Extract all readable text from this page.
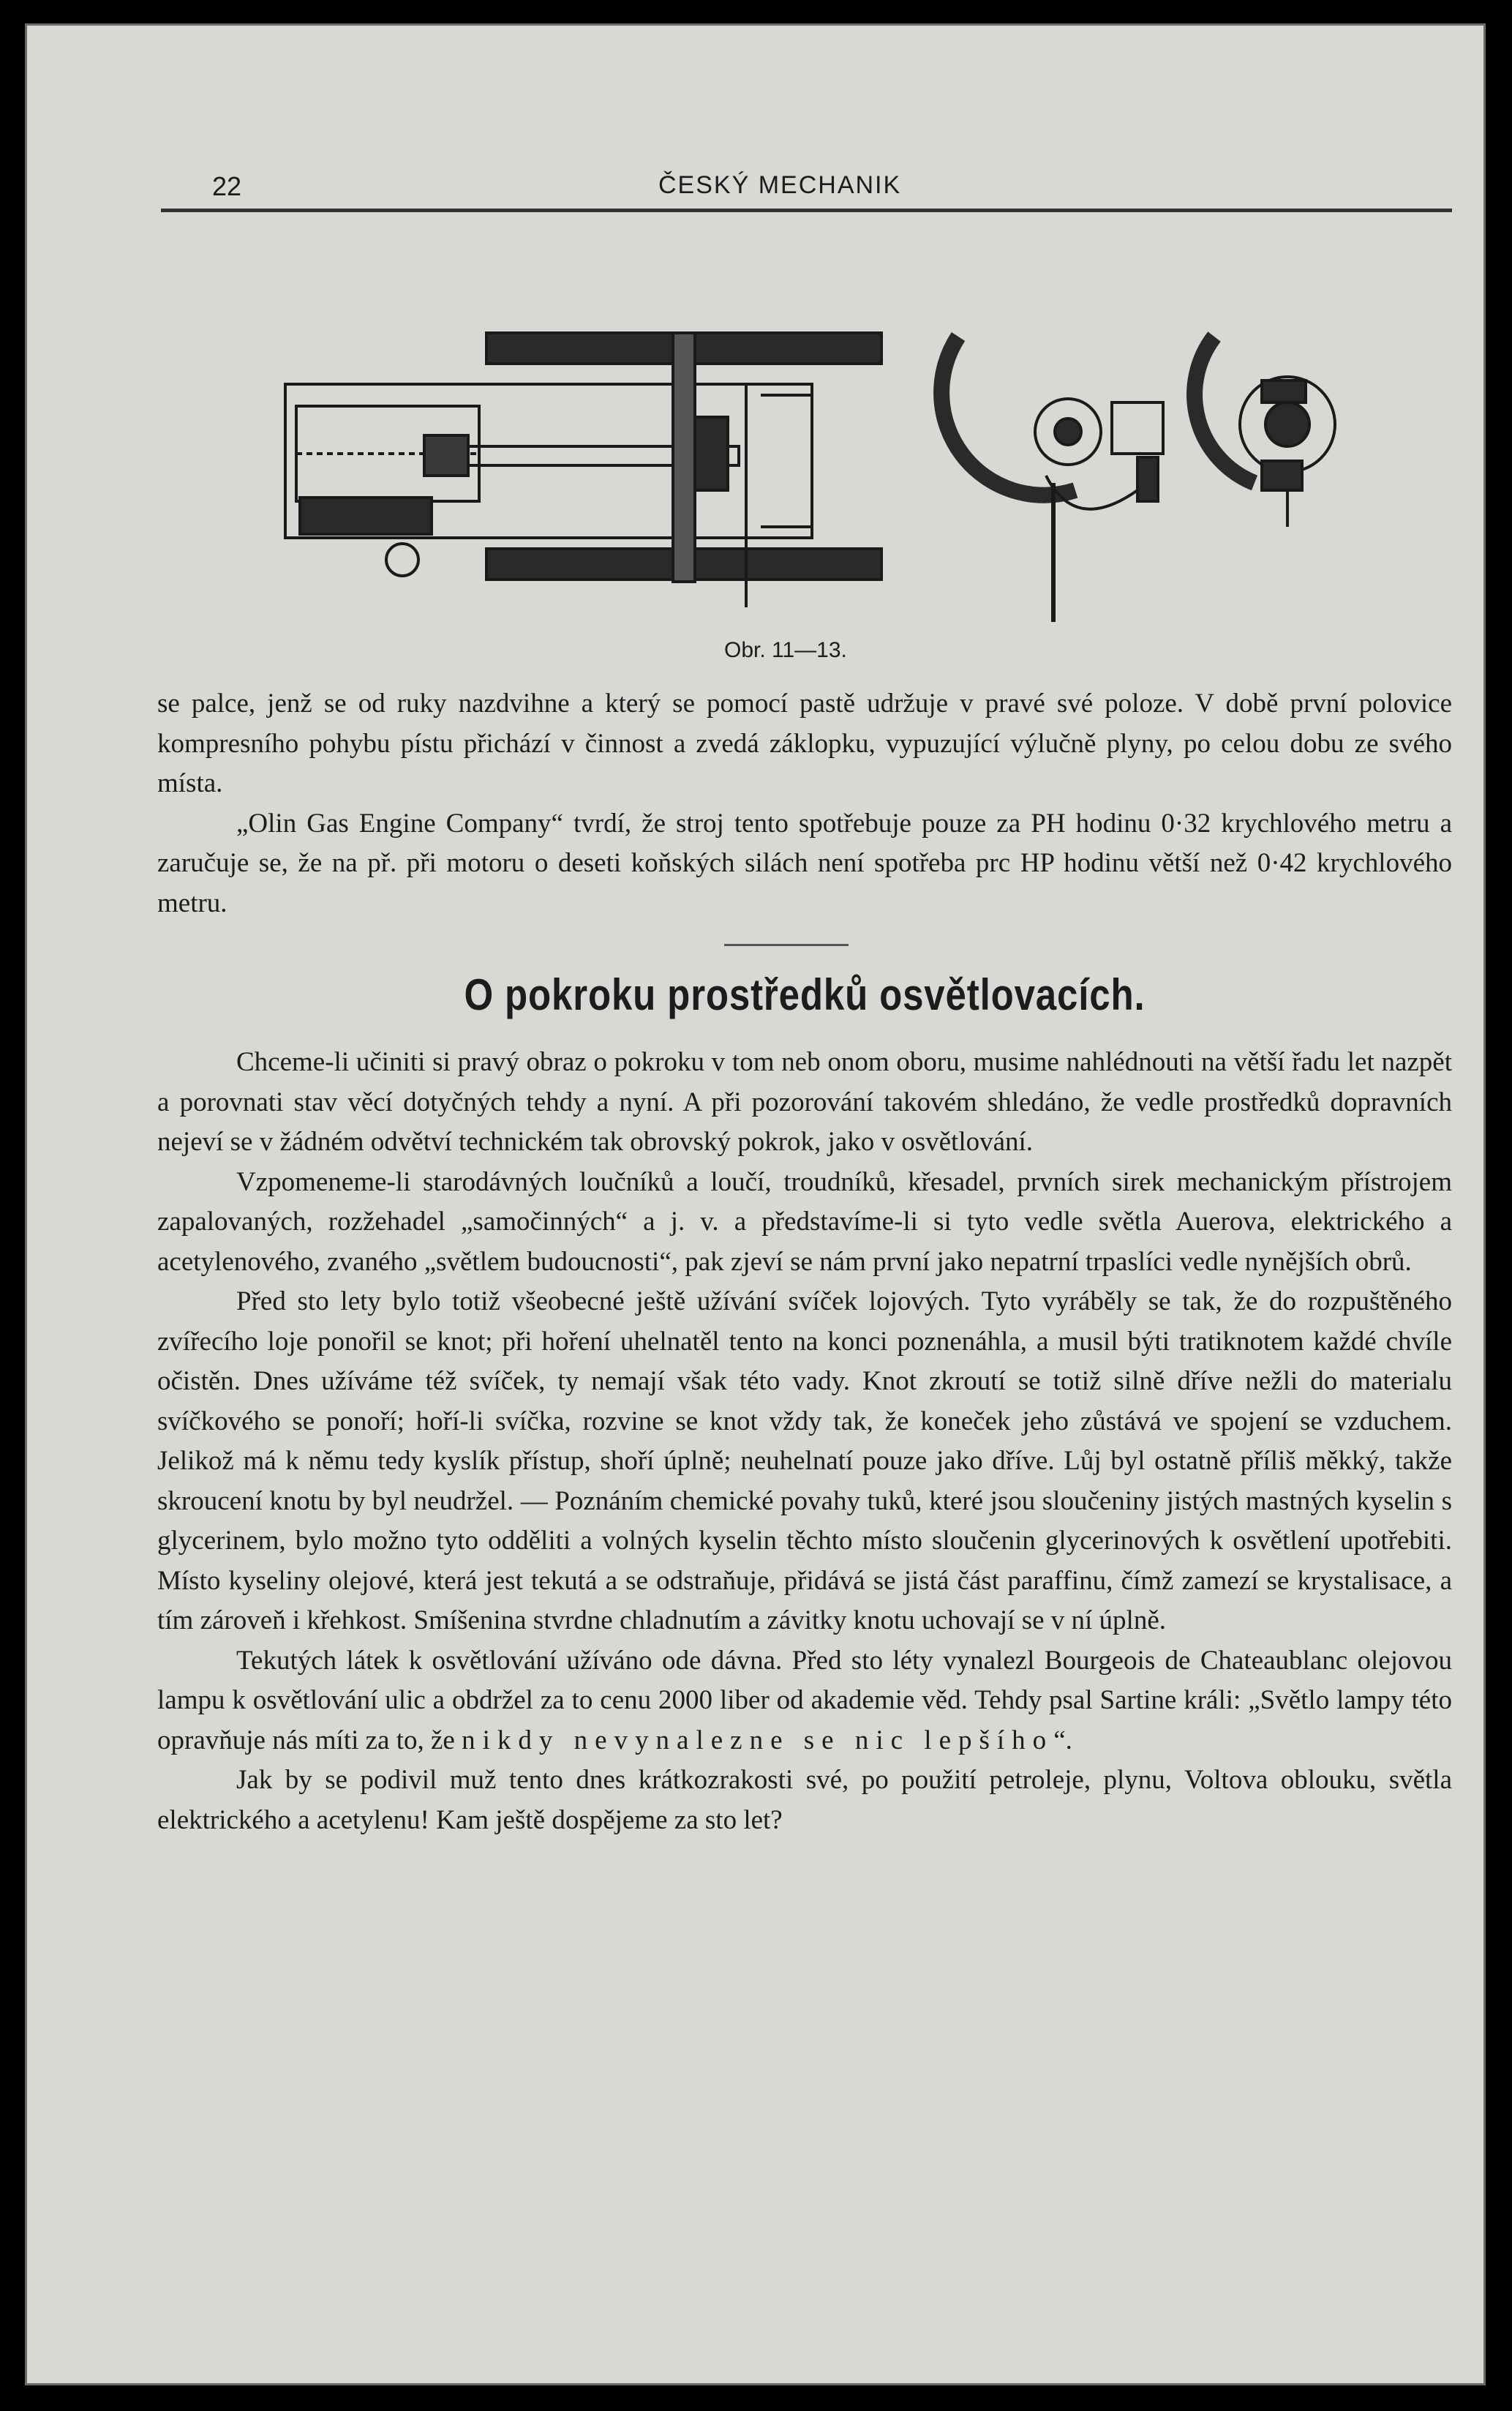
22	ČESKÝ MECHANIK
Obr. 11—13.

se palce, jenž se od ruky nazdvihne a který se pomocí pastě udržuje v pravé své poloze. V době první polovice kompresního pohybu pístu přichází v činnost a zvedá záklopku, vypuzující výlučně plyny, po celou dobu ze svého místa.

„Olin Gas Engine Company“ tvrdí, že stroj tento spotřebuje pouze za PH hodinu 0·32 krychlového metru a zaručuje se, že na př. při motoru o deseti koňských silách není spotřeba prc HP hodinu větší než 0·42 krychlového metru.

O pokroku prostředků osvětlovacích.

Chceme-li učiniti si pravý obraz o pokroku v tom neb onom oboru, musime nahlédnouti na větší řadu let nazpět a porovnati stav věcí dotyčných tehdy a nyní. A při pozorování takovém shledáno, že vedle prostředků dopravních nejeví se v žádném odvětví technickém tak obrovský pokrok, jako v osvětlování.

Vzpomeneme-li starodávných loučníků a loučí, troudníků, křesadel, prvních sirek mechanickým přístrojem zapalovaných, rozžehadel „samočinných“ a j. v. a představíme-li si tyto vedle světla Auerova, elektrického a acetylenového, zvaného „světlem budoucnosti“, pak zjeví se nám první jako nepatrní trpaslíci vedle nynějších obrů.

Před sto lety bylo totiž všeobecné ještě užívání svíček lojových. Tyto vyráběly se tak, že do rozpuštěného zvířecího loje ponořil se knot; při hoření uhelnatěl tento na konci poznenáhla, a musil býti tratiknotem každé chvíle očistěn. Dnes užíváme též svíček, ty nemají však této vady. Knot zkroutí se totiž silně dříve nežli do materialu svíčkového se ponoří; hoří-li svíčka, rozvine se knot vždy tak, že koneček jeho zůstává ve spojení se vzduchem. Jelikož má k němu tedy kyslík přístup, shoří úplně; neuhelnatí pouze jako dříve. Lůj byl ostatně příliš měkký, takže skroucení knotu by byl neudržel. — Poznáním chemické povahy tuků, které jsou sloučeniny jistých mastných kyselin s glycerinem, bylo možno tyto odděliti a volných kyselin těchto místo sloučenin glycerinových k osvětlení upotřebiti. Místo kyseliny olejové, která jest tekutá a se odstraňuje, přidává se jistá část paraffinu, čímž zamezí se krystalisace, a tím zároveň i křehkost. Smíšenina stvrdne chladnutím a závitky knotu uchovají se v ní úplně.

Tekutých látek k osvětlování užíváno ode dávna. Před sto léty vynalezl Bourgeois de Chateaublanc olejovou lampu k osvětlování ulic a obdržel za to cenu 2000 liber od akademie věd. Tehdy psal Sartine králi: „Světlo lampy této opravňuje nás míti za to, že nikdy nevynalezne se nic lepšího“.

Jak by se podivil muž tento dnes krátkozrakosti své, po použití petroleje, plynu, Voltova oblouku, světla elektrického a acetylenu! Kam ještě dospějeme za sto let?
